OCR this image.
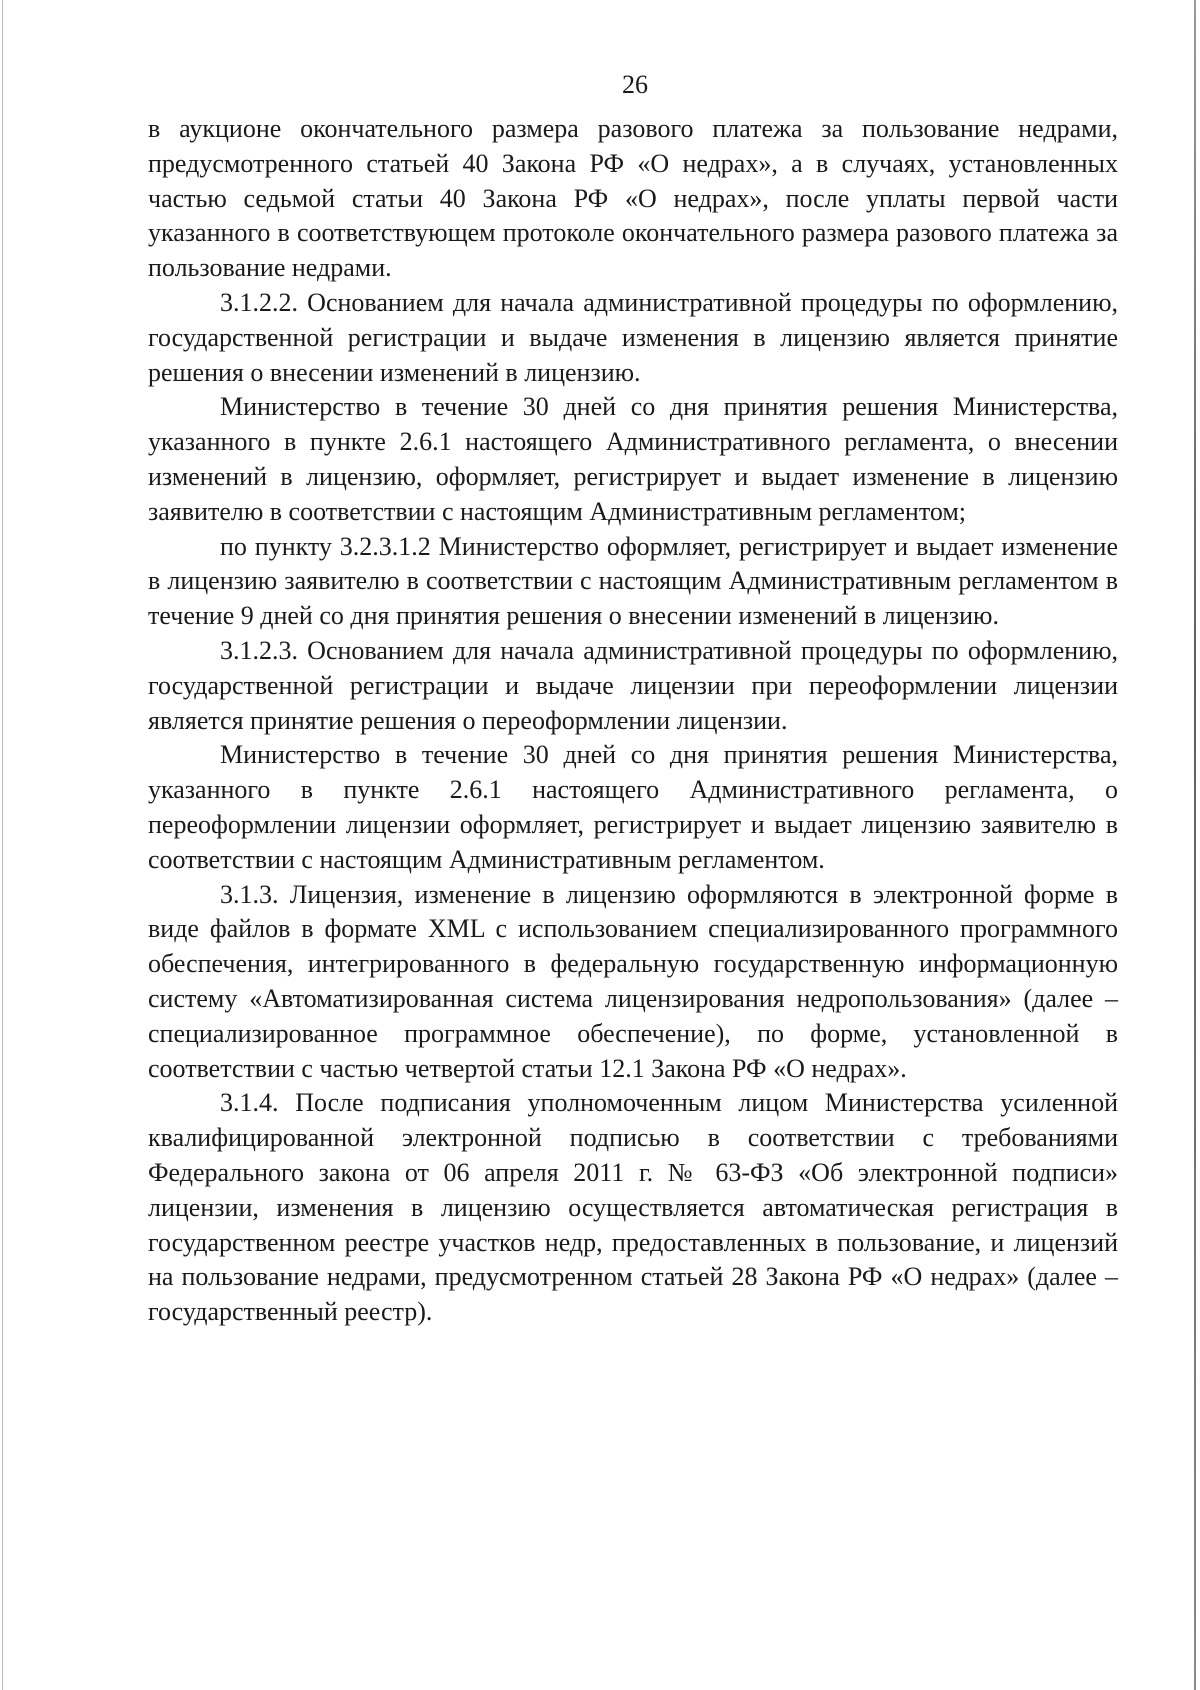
26

в аукционе окончательного размера разового платежа за пользование недрами, предусмотренного статьей 40 Закона РФ «О недрах», а в случаях, установленных частью седьмой статьи 40 Закона РФ «О недрах», после уплаты первой части указанного в соответствующем протоколе окончательного размера разового платежа за пользование недрами.

3.1.2.2. Основанием для начала административной процедуры по оформлению, государственной регистрации и выдаче изменения в лицензию является принятие решения о внесении изменений в лицензию.

Министерство в течение 30 дней со дня принятия решения Министерства, указанного в пункте 2.6.1 настоящего Административного регламента, о внесении изменений в лицензию, оформляет, регистрирует и выдает изменение в лицензию заявителю в соответствии с настоящим Административным регламентом;

по пункту 3.2.3.1.2 Министерство оформляет, регистрирует и выдает изменение в лицензию заявителю в соответствии с настоящим Административным регламентом в течение 9 дней со дня принятия решения о внесении изменений в лицензию.

3.1.2.3. Основанием для начала административной процедуры по оформлению, государственной регистрации и выдаче лицензии при переоформлении лицензии является принятие решения о переоформлении лицензии.

Министерство в течение 30 дней со дня принятия решения Министерства, указанного в пункте 2.6.1 настоящего Административного регламента, о переоформлении лицензии оформляет, регистрирует и выдает лицензию заявителю в соответствии с настоящим Административным регламентом.

3.1.3. Лицензия, изменение в лицензию оформляются в электронной форме в виде файлов в формате XML с использованием специализированного программного обеспечения, интегрированного в федеральную государственную информационную систему «Автоматизированная система лицензирования недропользования» (далее – специализированное программное обеспечение), по форме, установленной в соответствии с частью четвертой статьи 12.1 Закона РФ «О недрах».

3.1.4. После подписания уполномоченным лицом Министерства усиленной квалифицированной электронной подписью в соответствии с требованиями Федерального закона от 06 апреля 2011 г. № 63-ФЗ «Об электронной подписи» лицензии, изменения в лицензию осуществляется автоматическая регистрация в государственном реестре участков недр, предоставленных в пользование, и лицензий на пользование недрами, предусмотренном статьей 28 Закона РФ «О недрах» (далее – государственный реестр).
